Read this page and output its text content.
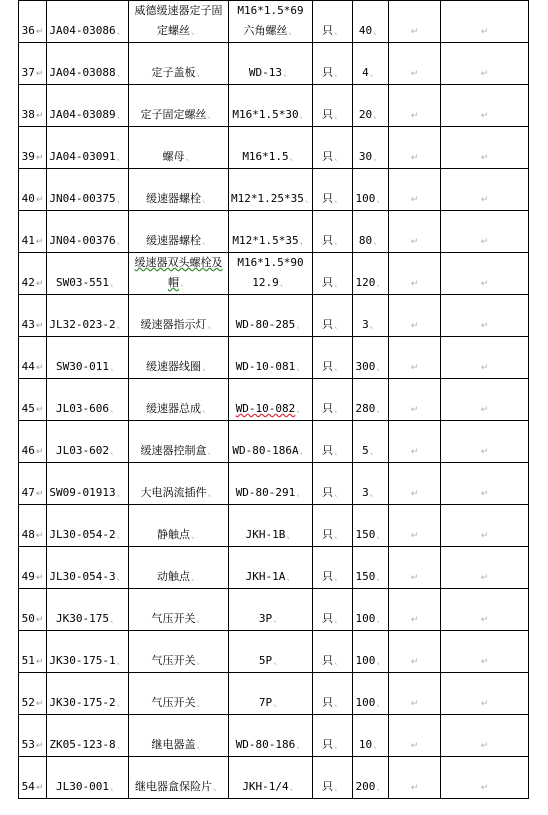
36↵	JA04-03086、	威德缓速器定子固定螺丝、	M16*1.5*69 六角螺丝、	只、	40、	↵	↵
37↵	JA04-03088、	定子盖板、	WD-13、	只、	4、	↵	↵
38↵	JA04-03089、	定子固定螺丝、	M16*1.5*30、	只、	20、	↵	↵
39↵	JA04-03091、	螺母、	M16*1.5、	只、	30、	↵	↵
40↵	JN04-00375、	缓速器螺栓、	M12*1.25*35、	只、	100、	↵	↵
41↵	JN04-00376、	缓速器螺栓、	M12*1.5*35、	只、	80、	↵	↵
42↵	SW03-551、	缓速器双头螺栓及帽、	M16*1.5*90 12.9、	只、	120、	↵	↵
43↵	JL32-023-2、	缓速器指示灯、	WD-80-285、	只、	3、	↵	↵
44↵	SW30-011、	缓速器线圈、	WD-10-081、	只、	300、	↵	↵
45↵	JL03-606、	缓速器总成、	WD-10-082、	只、	280、	↵	↵
46↵	JL03-602、	缓速器控制盒、	WD-80-186A、	只、	5、	↵	↵
47↵	SW09-01913、	大电涡流插件、	WD-80-291、	只、	3、	↵	↵
48↵	JL30-054-2、	静触点、	JKH-1B、	只、	150、	↵	↵
49↵	JL30-054-3、	动触点、	JKH-1A、	只、	150、	↵	↵
50↵	JK30-175、	气压开关、	3P、	只、	100、	↵	↵
51↵	JK30-175-1、	气压开关、	5P、	只、	100、	↵	↵
52↵	JK30-175-2、	气压开关、	7P、	只、	100、	↵	↵
53↵	ZK05-123-8、	继电器盖、	WD-80-186、	只、	10、	↵	↵
54↵	JL30-001、	继电器盒保险片、	JKH-1/4、	只、	200、	↵	↵
